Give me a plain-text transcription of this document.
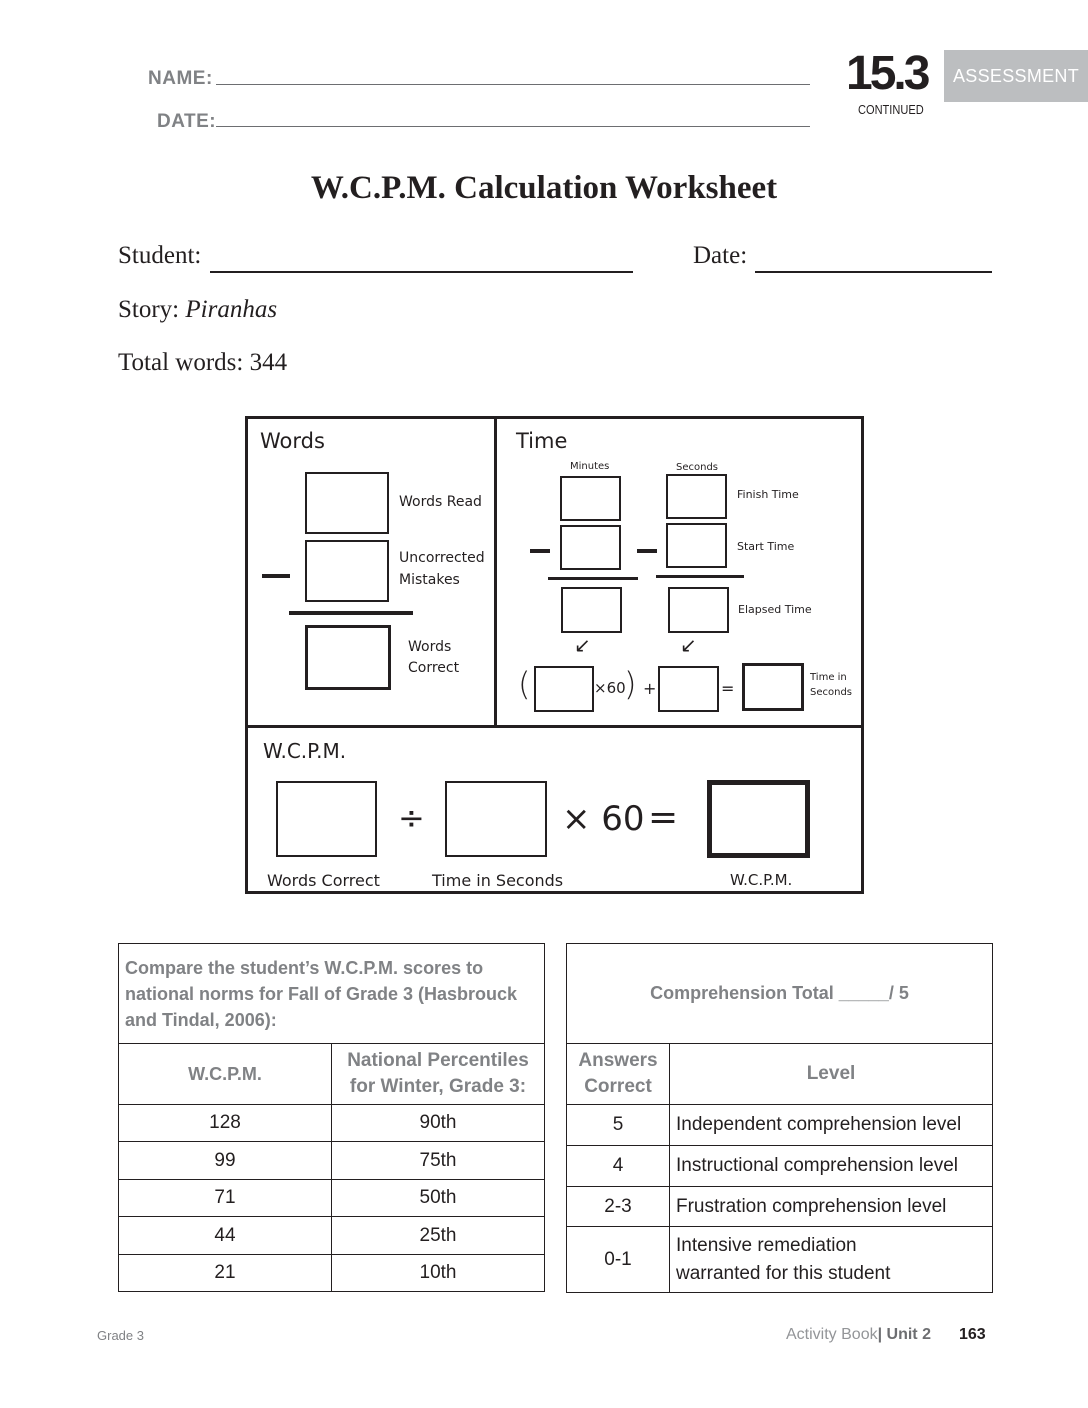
NAME:
DATE:
15.3
CONTINUED
ASSESSMENT
W.C.P.M. Calculation Worksheet
Student:	Date:
Story: Piranhas
Total words: 344
Words
Words Read
Uncorrected
Mistakes
Words
Correct
Time
Minutes	Seconds
Finish Time
Start Time
Elapsed Time
↙	↙
(	×60
) +	=
Time in
Seconds
W.C.P.M.
÷	× 60 =
Words Correct	Time in Seconds	W.C.P.M.
Compare the student’s W.C.P.M. scores to national norms for Fall of Grade 3 (Hasbrouck and Tindal, 2006):	
W.C.P.M.	National Percentiles
for Winter, Grade 3:

128	90th
99	75th
71	50th
44	25th
21	10th
Comprehension Total _____/ 5	

Answers
Correct	Level
5	Independent comprehension level
4	Instructional comprehension level
2-3	Frustration comprehension level
0-1	Intensive remediation
warranted for this student
Grade 3	Activity Book| Unit 2 163
